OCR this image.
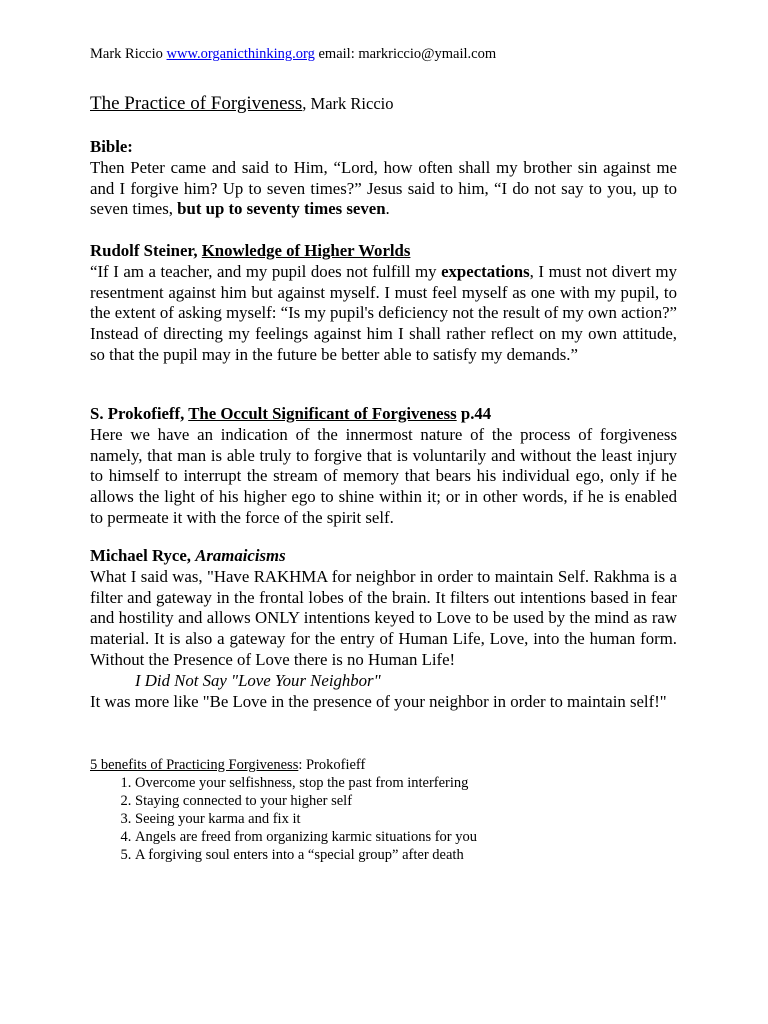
Mark Riccio www.organicthinking.org email: markriccio@ymail.com
The Practice of Forgiveness, Mark Riccio
Bible:

Then Peter came and said to Him, “Lord, how often shall my brother sin against me and I forgive him? Up to seven times?” Jesus said to him, “I do not say to you, up to seven times, but up to seventy times seven.

Rudolf Steiner, Knowledge of Higher Worlds

“If I am a teacher, and my pupil does not fulfill my expectations, I must not divert my resentment against him but against myself. I must feel myself as one with my pupil, to the extent of asking myself: “Is my pupil's deficiency not the result of my own action?” Instead of directing my feelings against him I shall rather reflect on my own attitude, so that the pupil may in the future be better able to satisfy my demands.”

S. Prokofieff, The Occult Significant of Forgiveness p.44

Here we have an indication of the innermost nature of the process of forgiveness namely, that man is able truly to forgive that is voluntarily and without the least injury to himself to interrupt the stream of memory that bears his individual ego, only if he allows the light of his higher ego to shine within it; or in other words, if he is enabled to permeate it with the force of the spirit self.

Michael Ryce, Aramaicisms

What I said was, "Have RAKHMA for neighbor in order to maintain Self. Rakhma is a filter and gateway in the frontal lobes of the brain. It filters out intentions based in fear and hostility and allows ONLY intentions keyed to Love to be used by the mind as raw material. It is also a gateway for the entry of Human Life, Love, into the human form. Without the Presence of Love there is no Human Life!

I Did Not Say "Love Your Neighbor"

It was more like "Be Love in the presence of your neighbor in order to maintain self!"

5 benefits of Practicing Forgiveness: Prokofieff
1. Overcome your selfishness, stop the past from interfering
2. Staying connected to your higher self
3. Seeing your karma and fix it
4. Angels are freed from organizing karmic situations for you
5. A forgiving soul enters into a “special group” after death
